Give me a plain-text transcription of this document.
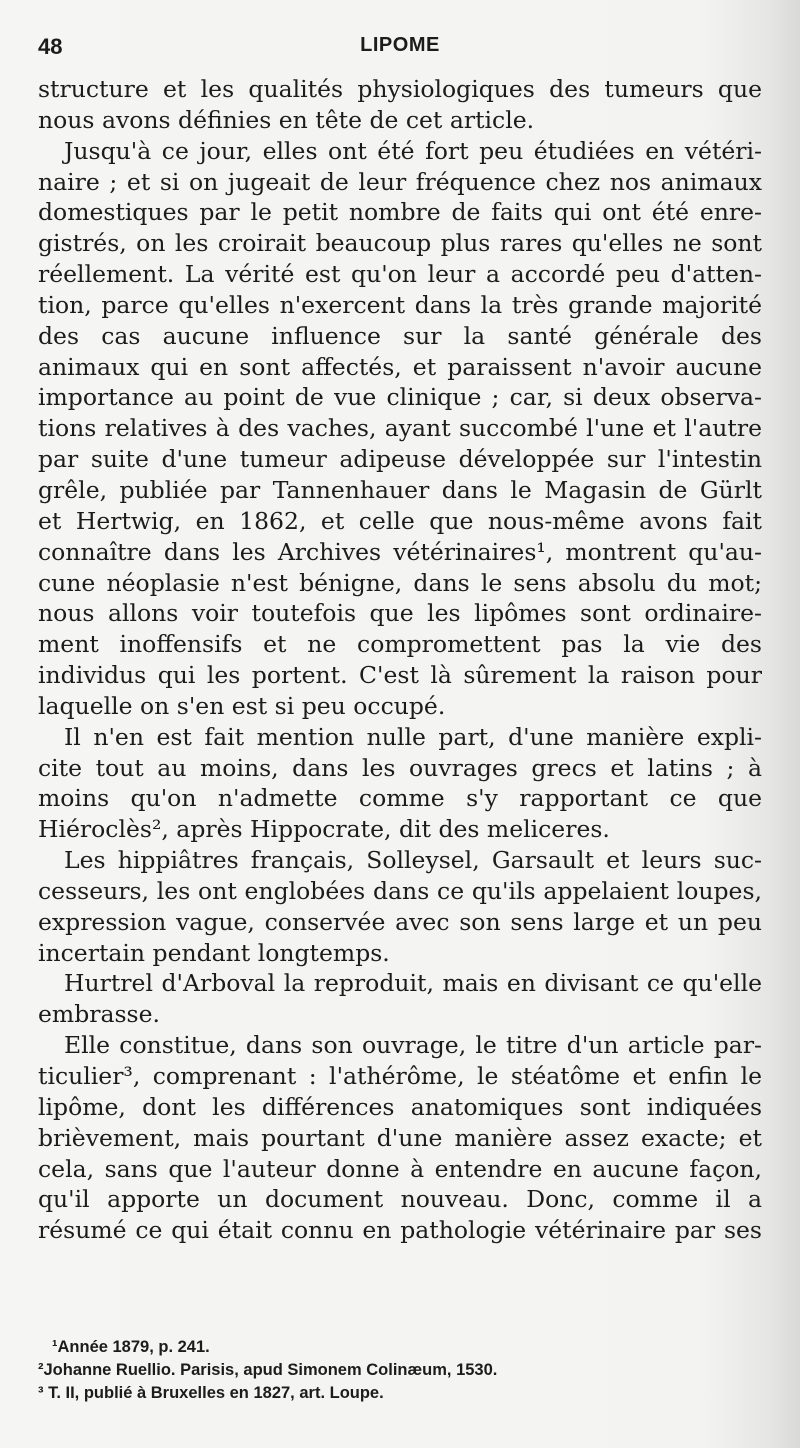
48	LIPOME
structure et les qualités physiologiques des tumeurs que
nous avons définies en tête de cet article.
Jusqu'à ce jour, elles ont été fort peu étudiées en vétéri-
naire ; et si on jugeait de leur fréquence chez nos animaux
domestiques par le petit nombre de faits qui ont été enre-
gistrés, on les croirait beaucoup plus rares qu'elles ne sont
réellement. La vérité est qu'on leur a accordé peu d'atten-
tion, parce qu'elles n'exercent dans la très grande majorité
des cas aucune influence sur la santé générale des
animaux qui en sont affectés, et paraissent n'avoir aucune
importance au point de vue clinique ; car, si deux observa-
tions relatives à des vaches, ayant succombé l'une et l'autre
par suite d'une tumeur adipeuse développée sur l'intestin
grêle, publiée par Tannenhauer dans le Magasin de Gürlt
et Hertwig, en 1862, et celle que nous-même avons fait
connaître dans les Archives vétérinaires¹, montrent qu'au-
cune néoplasie n'est bénigne, dans le sens absolu du mot;
nous allons voir toutefois que les lipômes sont ordinaire-
ment inoffensifs et ne compromettent pas la vie des
individus qui les portent. C'est là sûrement la raison pour
laquelle on s'en est si peu occupé.
Il n'en est fait mention nulle part, d'une manière expli-
cite tout au moins, dans les ouvrages grecs et latins ; à
moins qu'on n'admette comme s'y rapportant ce que
Hiéroclès², après Hippocrate, dit des meliceres.
Les hippiâtres français, Solleysel, Garsault et leurs suc-
cesseurs, les ont englobées dans ce qu'ils appelaient loupes,
expression vague, conservée avec son sens large et un peu
incertain pendant longtemps.
Hurtrel d'Arboval la reproduit, mais en divisant ce qu'elle
embrasse.
Elle constitue, dans son ouvrage, le titre d'un article par-
ticulier³, comprenant : l'athérôme, le stéatôme et enfin le
lipôme, dont les différences anatomiques sont indiquées
brièvement, mais pourtant d'une manière assez exacte; et
cela, sans que l'auteur donne à entendre en aucune façon,
qu'il apporte un document nouveau. Donc, comme il a
résumé ce qui était connu en pathologie vétérinaire par ses
¹Année 1879, p. 241.
²Johanne Ruellio. Parisis, apud Simonem Colinæum, 1530.
³ T. II, publié à Bruxelles en 1827, art. Loupe.
